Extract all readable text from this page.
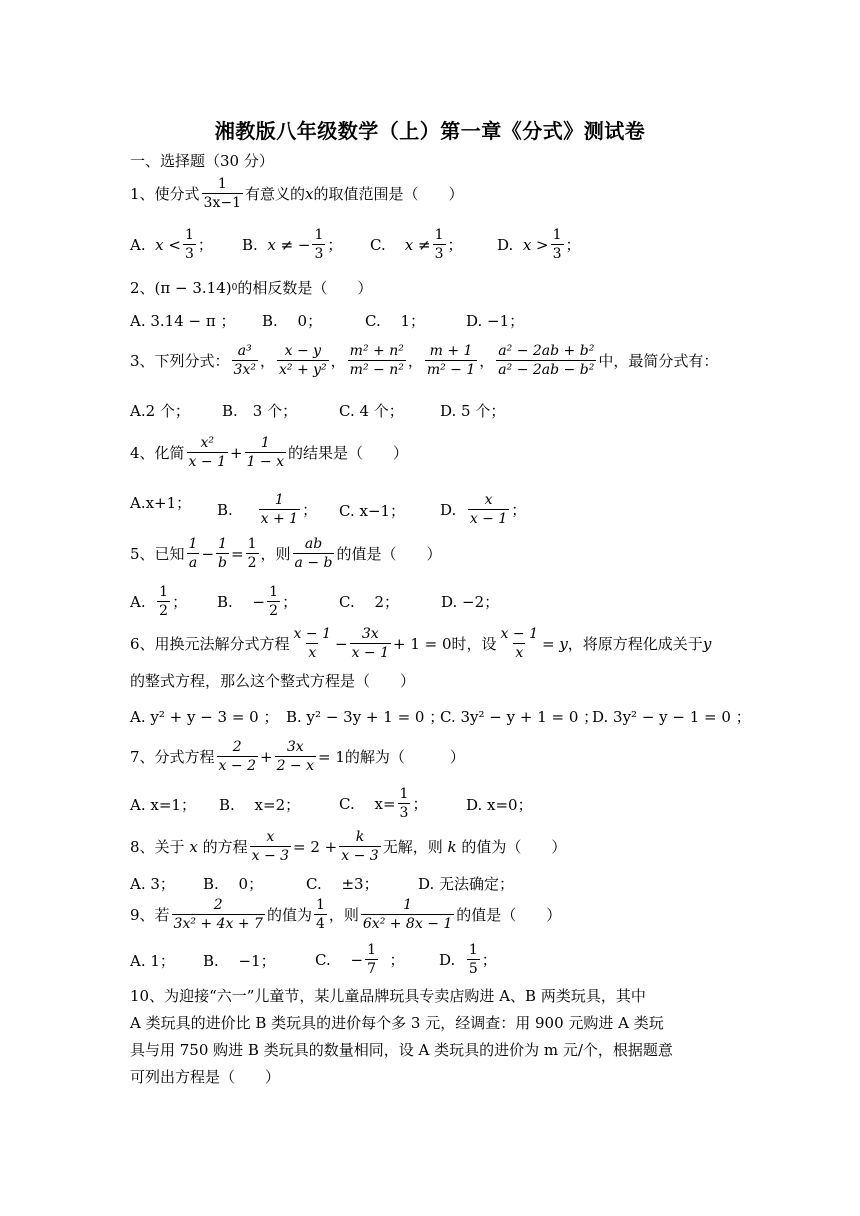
湘教版八年级数学（上）第一章《分式》测试卷
一、选择题（30 分）
1、使分式 $\frac{1}{3x-1}$ 有意义的 x 的取值范围是（　　）
A.
$x < \frac{1}{3}$ ； B.
x ≠ − $\frac{1}{3}$ ； C.
$x \ne \frac{1}{3}$ ； D.
$x > \frac{1}{3}$ ；
2、 (π − 3.14) 0 的相反数是（　　）
A. 3.14 − π ； B.　 0；	C.　 1；	D. −1；
3、下列分式： $\frac{\text{a³}}{\text{3x²}}$ ， $\frac{x - y}{\text{x² + y²}}$ ， $\frac{\text{m² + n²}}{\text{m² − n²}}$ ， $\frac{m + 1}{\text{m² − 1}}$ ， $\frac{\text{a² − 2ab + b²}}{\text{a² − 2ab − b²}}$ 中，最简分式有：
A.2 个； B.　3 个；	C. 4 个； D. 5 个；
4、化简 $\frac{\text{x²}}{x - 1} + \frac{1}{1 - x}$ 的结果是（　　）
A.x+1； B.
$\frac{1}{x + 1}$ ； C. x−1； D.
$\frac{x}{x - 1}$ ；
5、已知 $\frac{1}{a} - \frac{1}{b} = \frac{1}{2}$ ，则 $\frac{ab}{a - b}$ 的值是（　　）
A.
$\frac{1}{2}$ ； B.　 − $\frac{1}{2}$ ；	C.　 2；	D. −2；
6、用换元法解分式方程 $\frac{x - 1}{x} - \frac{3x}{x - 1} + 1 = 0$ 时，设 $\frac{x - 1}{x} = y$ ，将原方程化成关于 y
的整式方程，那么这个整式方程是（　　）
A. y² + y − 3 = 0 ； B. y² − 3y + 1 = 0 ；
C. 3y² − y + 1 = 0 ；
D. 3y² − y − 1 = 0 ；
7、分式方程 $\frac{2}{x - 2} + \frac{3x}{2 - x} = 1$ 的解为（　　　）
A. x=1； B.　 x=2；	C.　 $x= \frac{1}{3}$ ；	D. x=0；
8、关于
x
的方程 $\frac{x}{x - 3} = 2 + \frac{k}{x - 3}$ 无解，则
k
的值为（　　）
A. 3； B.　 0；	C.　 ±3；	D. 无法确定；
9、若 $\frac{2}{\text{3x² + 4x + 7}}$ 的值为 $\frac{1}{4}$ ，则 $\frac{1}{\text{6x² + 8x − 1}}$ 的值是（　　）
A. 1； B.　 −1；	C.　 − $\frac{1}{7}$
； D.
$\frac{1}{5}$ ；
10、为迎接“六一”儿童节，某儿童品牌玩具专卖店购进 A、B 两类玩具，其中
A 类玩具的进价比 B 类玩具的进价每个多 3 元，经调查：用 900 元购进 A 类玩
具与用 750 购进 B 类玩具的数量相同，设 A 类玩具的进价为 m 元/个，根据题意
可列出方程是（　　）
